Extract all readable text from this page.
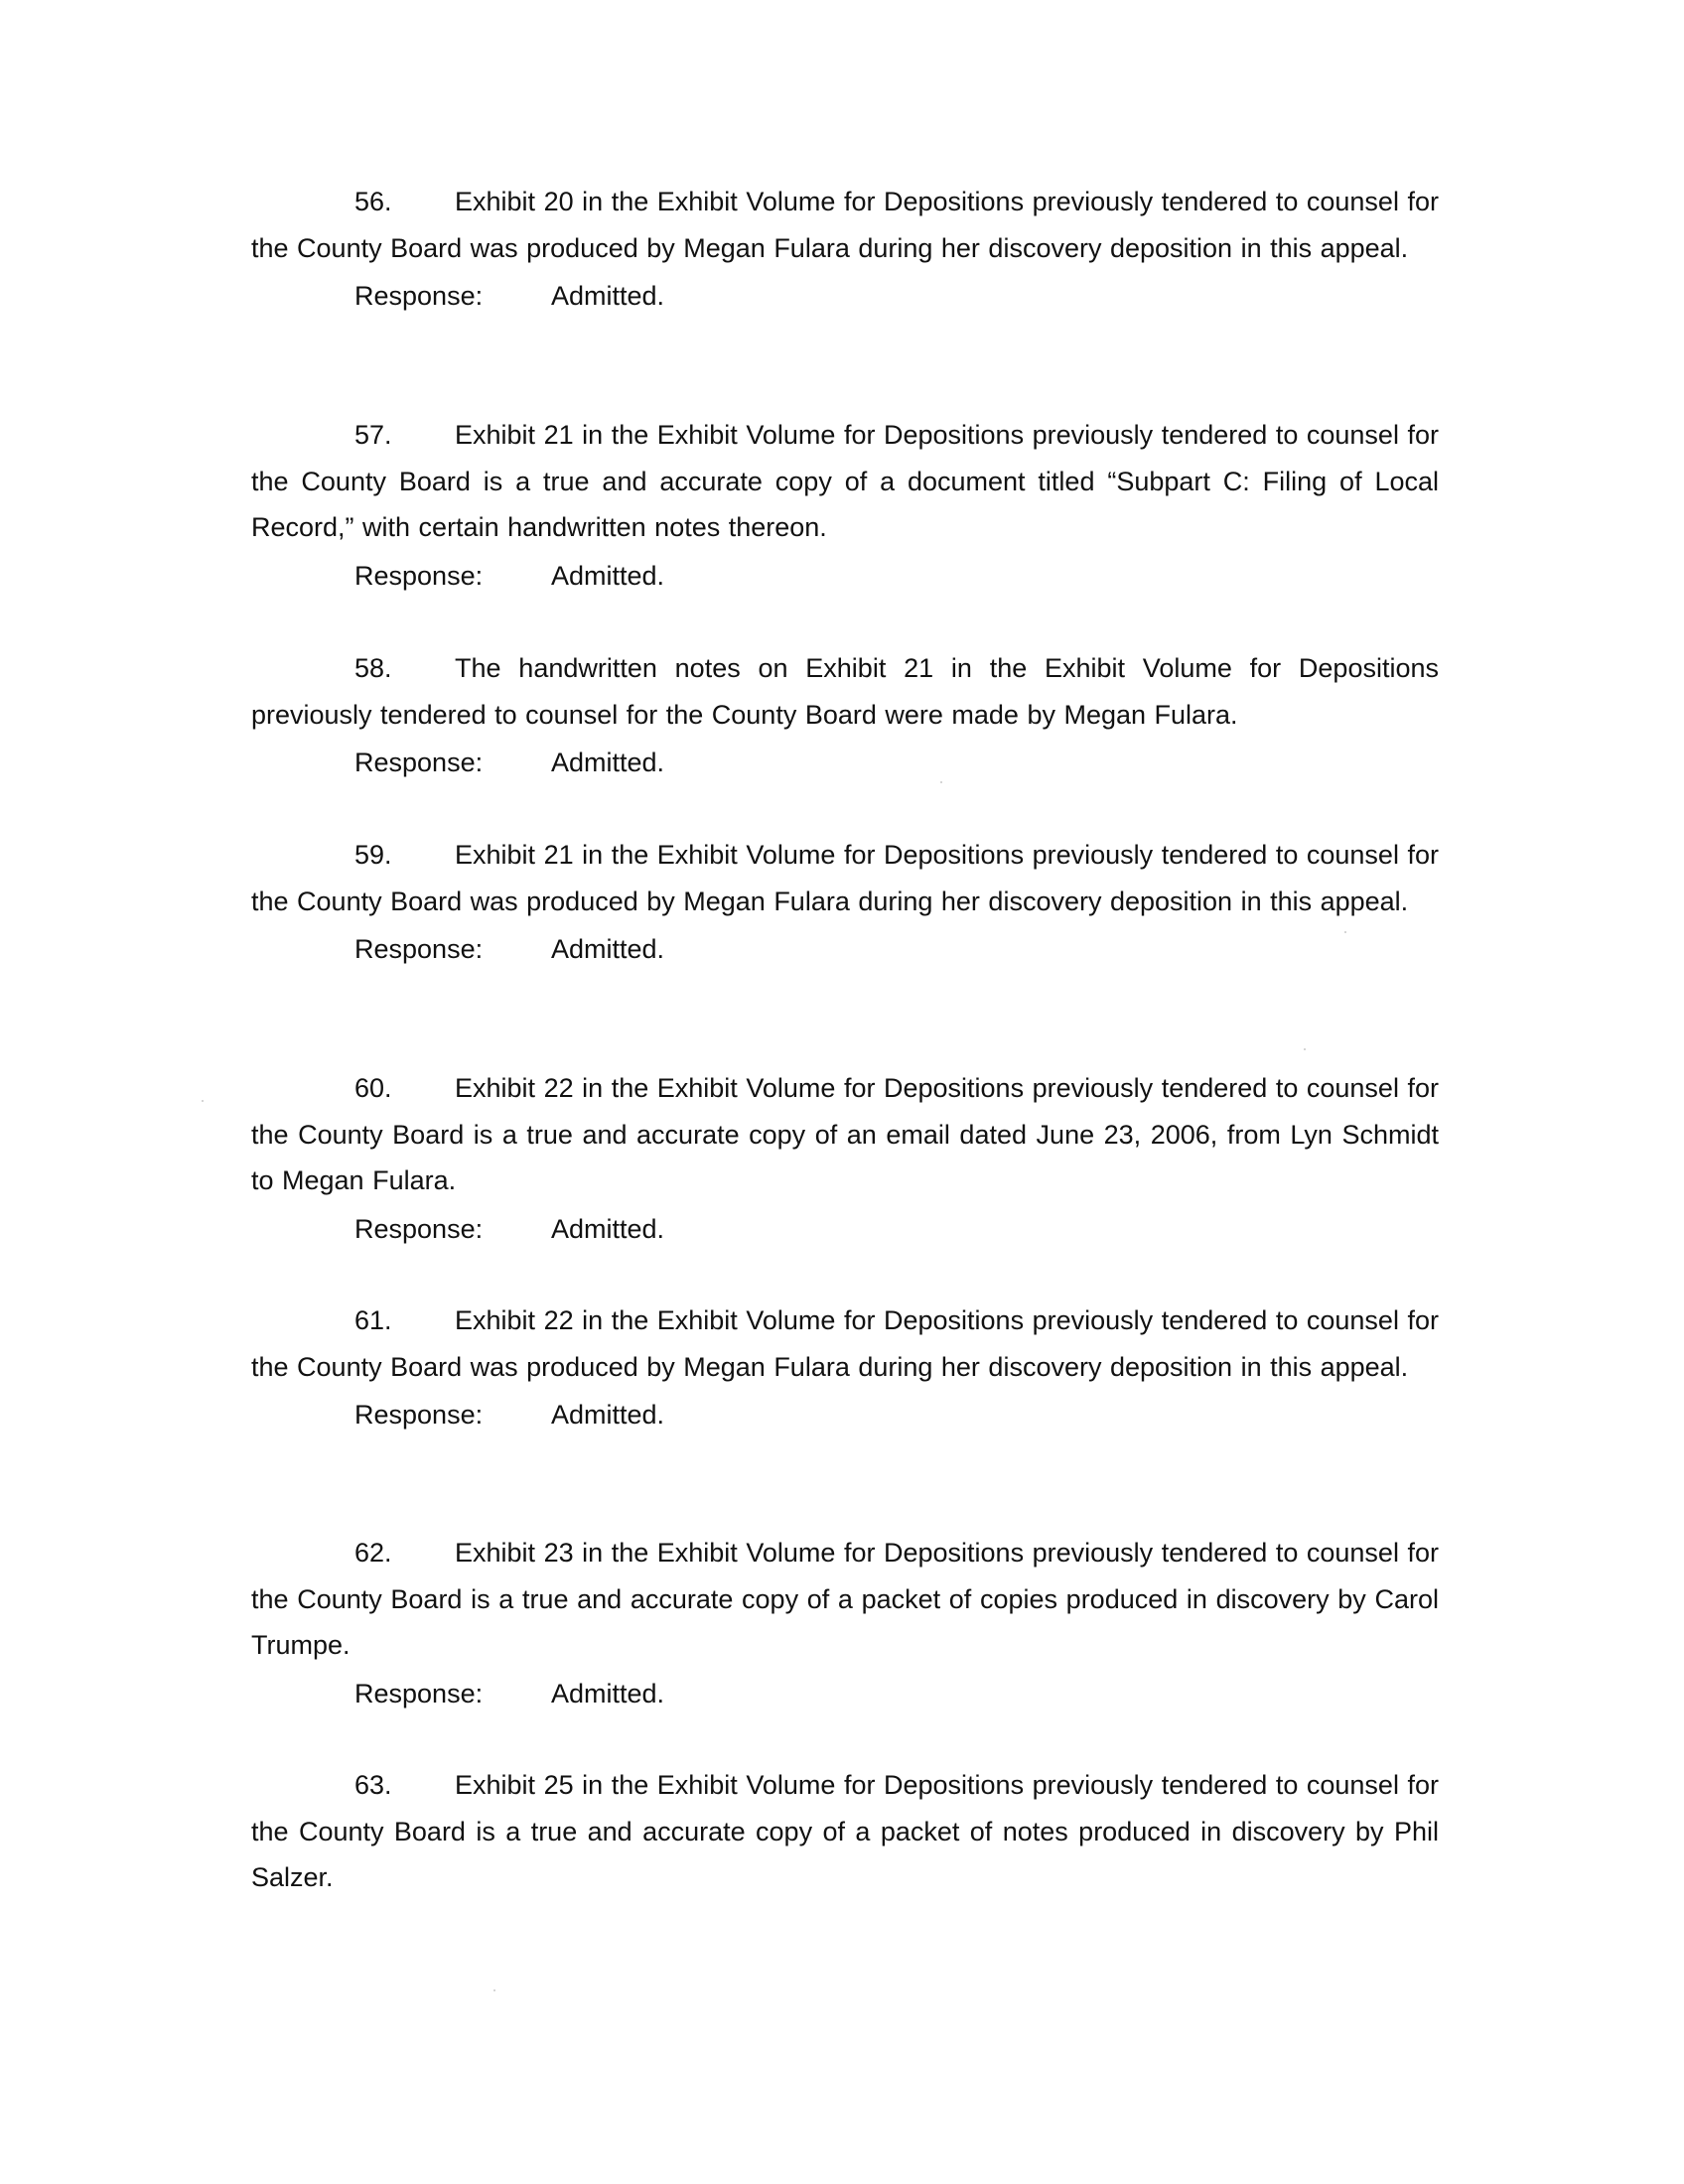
56. Exhibit 20 in the Exhibit Volume for Depositions previously tendered to counsel for the County Board was produced by Megan Fulara during her discovery deposition in this appeal.

Response:	Admitted.

57. Exhibit 21 in the Exhibit Volume for Depositions previously tendered to counsel for the County Board is a true and accurate copy of a document titled “Subpart C: Filing of Local Record,” with certain handwritten notes thereon.

Response:	Admitted.

58. The handwritten notes on Exhibit 21 in the Exhibit Volume for Depositions previously tendered to counsel for the County Board were made by Megan Fulara.

Response:	Admitted.

59. Exhibit 21 in the Exhibit Volume for Depositions previously tendered to counsel for the County Board was produced by Megan Fulara during her discovery deposition in this appeal.

Response:	Admitted.

60. Exhibit 22 in the Exhibit Volume for Depositions previously tendered to counsel for the County Board is a true and accurate copy of an email dated June 23, 2006, from Lyn Schmidt to Megan Fulara.

Response:	Admitted.

61. Exhibit 22 in the Exhibit Volume for Depositions previously tendered to counsel for the County Board was produced by Megan Fulara during her discovery deposition in this appeal.

Response:	Admitted.

62. Exhibit 23 in the Exhibit Volume for Depositions previously tendered to counsel for the County Board is a true and accurate copy of a packet of copies produced in discovery by Carol Trumpe.

Response:	Admitted.

63. Exhibit 25 in the Exhibit Volume for Depositions previously tendered to counsel for the County Board is a true and accurate copy of a packet of notes produced in discovery by Phil Salzer.
